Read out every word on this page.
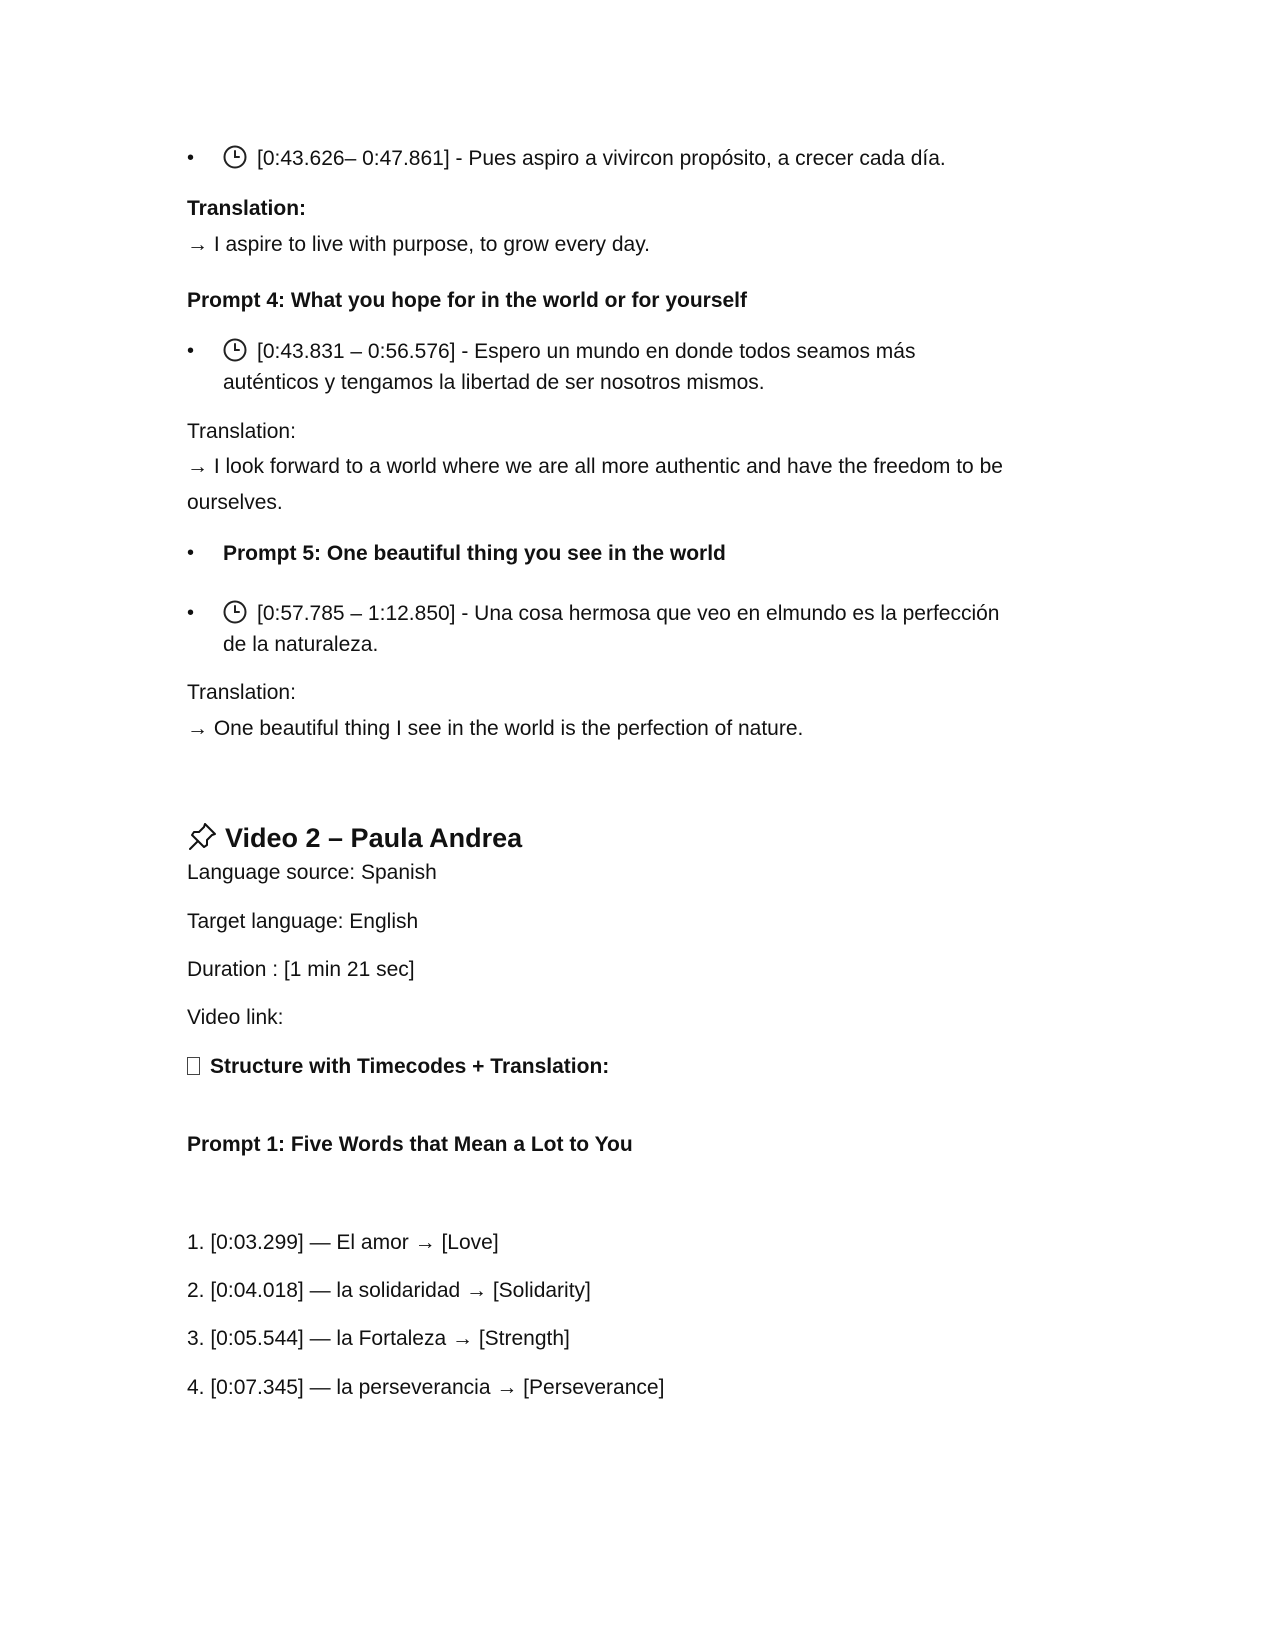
•	[0:43.626– 0:47.861] - Pues aspiro a vivircon propósito, a crecer cada día.

Translation:

→ I aspire to live with purpose, to grow every day.

Prompt 4: What you hope for in the world or for yourself

•	[0:43.831 – 0:56.576] - Espero un mundo en donde todos seamos más
auténticos y tengamos la libertad de ser nosotros mismos.

Translation:

→ I look forward to a world where we are all more authentic and have the freedom to be

ourselves.

• Prompt 5: One beautiful thing you see in the world
•	[0:57.785 – 1:12.850] - Una cosa hermosa que veo en elmundo es la perfección
de la naturaleza.

Translation:

→ One beautiful thing I see in the world is the perfection of nature.

Video 2 – Paula Andrea

Language source: Spanish

Target language: English

Duration : [1 min 21 sec]

Video link:

Structure with Timecodes + Translation:

Prompt 1: Five Words that Mean a Lot to You

1. [0:03.299] — El amor → [Love]

2. [0:04.018] — la solidaridad → [Solidarity]

3. [0:05.544] — la Fortaleza → [Strength]

4. [0:07.345] — la perseverancia → [Perseverance]
